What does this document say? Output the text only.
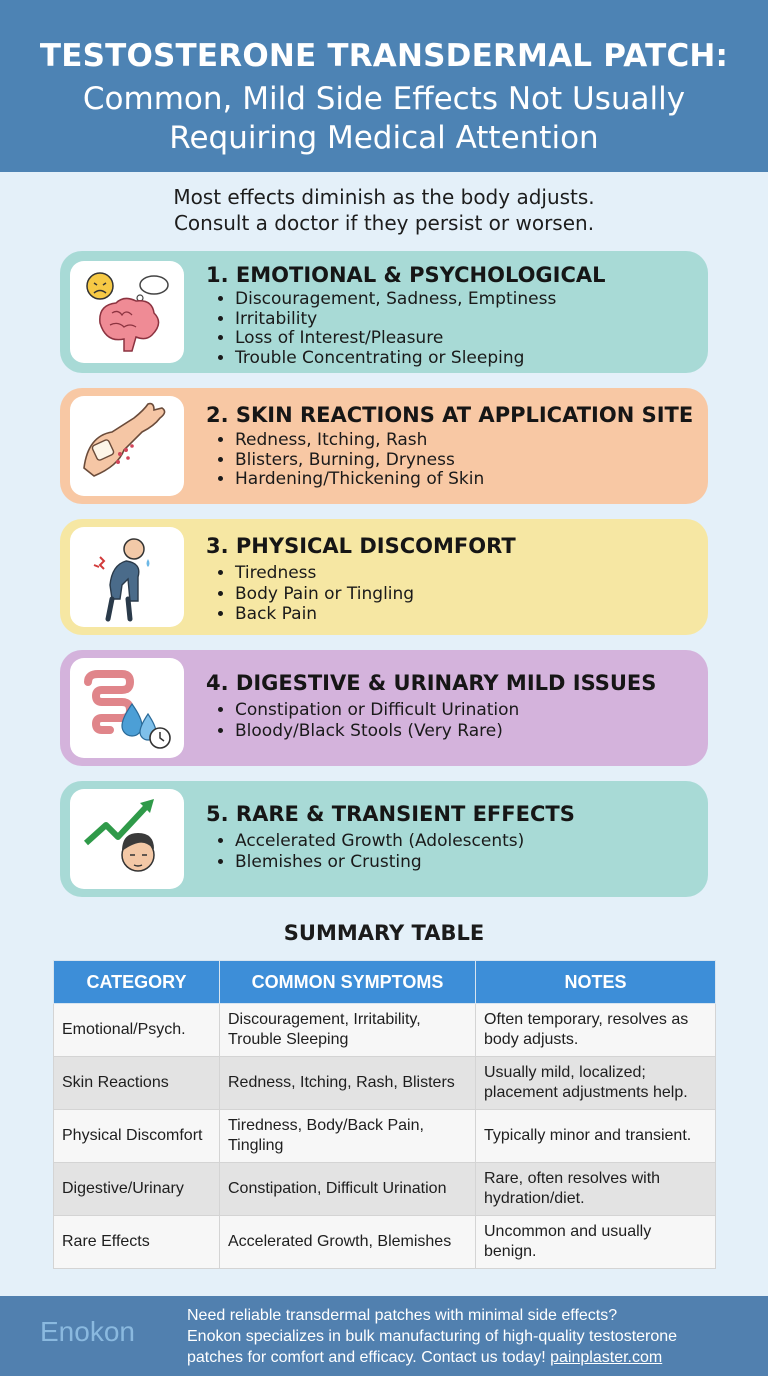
TESTOSTERONE TRANSDERMAL PATCH:
Common, Mild Side Effects Not Usually
Requiring Medical Attention
Most effects diminish as the body adjusts.
Consult a doctor if they persist or worsen.
1. EMOTIONAL & PSYCHOLOGICAL
• Discouragement, Sadness, Emptiness
• Irritability
• Loss of Interest/Pleasure
• Trouble Concentrating or Sleeping
2. SKIN REACTIONS AT APPLICATION SITE
• Redness, Itching, Rash
• Blisters, Burning, Dryness
• Hardening/Thickening of Skin
3. PHYSICAL DISCOMFORT
• Tiredness
• Body Pain or Tingling
• Back Pain
4. DIGESTIVE & URINARY MILD ISSUES
• Constipation or Difficult Urination
• Bloody/Black Stools (Very Rare)
5. RARE & TRANSIENT EFFECTS
• Accelerated Growth (Adolescents)
• Blemishes or Crusting
SUMMARY TABLE
CATEGORY	COMMON SYMPTOMS	NOTES
Emotional/Psych.	Discouragement, Irritability, Trouble Sleeping	Often temporary, resolves as body adjusts.
Skin Reactions	Redness, Itching, Rash, Blisters	Usually mild, localized; placement adjustments help.
Physical Discomfort	Tiredness, Body/Back Pain, Tingling	Typically minor and transient.
Digestive/Urinary	Constipation, Difficult Urination	Rare, often resolves with hydration/diet.
Rare Effects	Accelerated Growth, Blemishes	Uncommon and usually benign.
Enokon
Need reliable transdermal patches with minimal side effects?
Enokon specializes in bulk manufacturing of high-quality testosterone
patches for comfort and efficacy. Contact us today! painplaster.com
